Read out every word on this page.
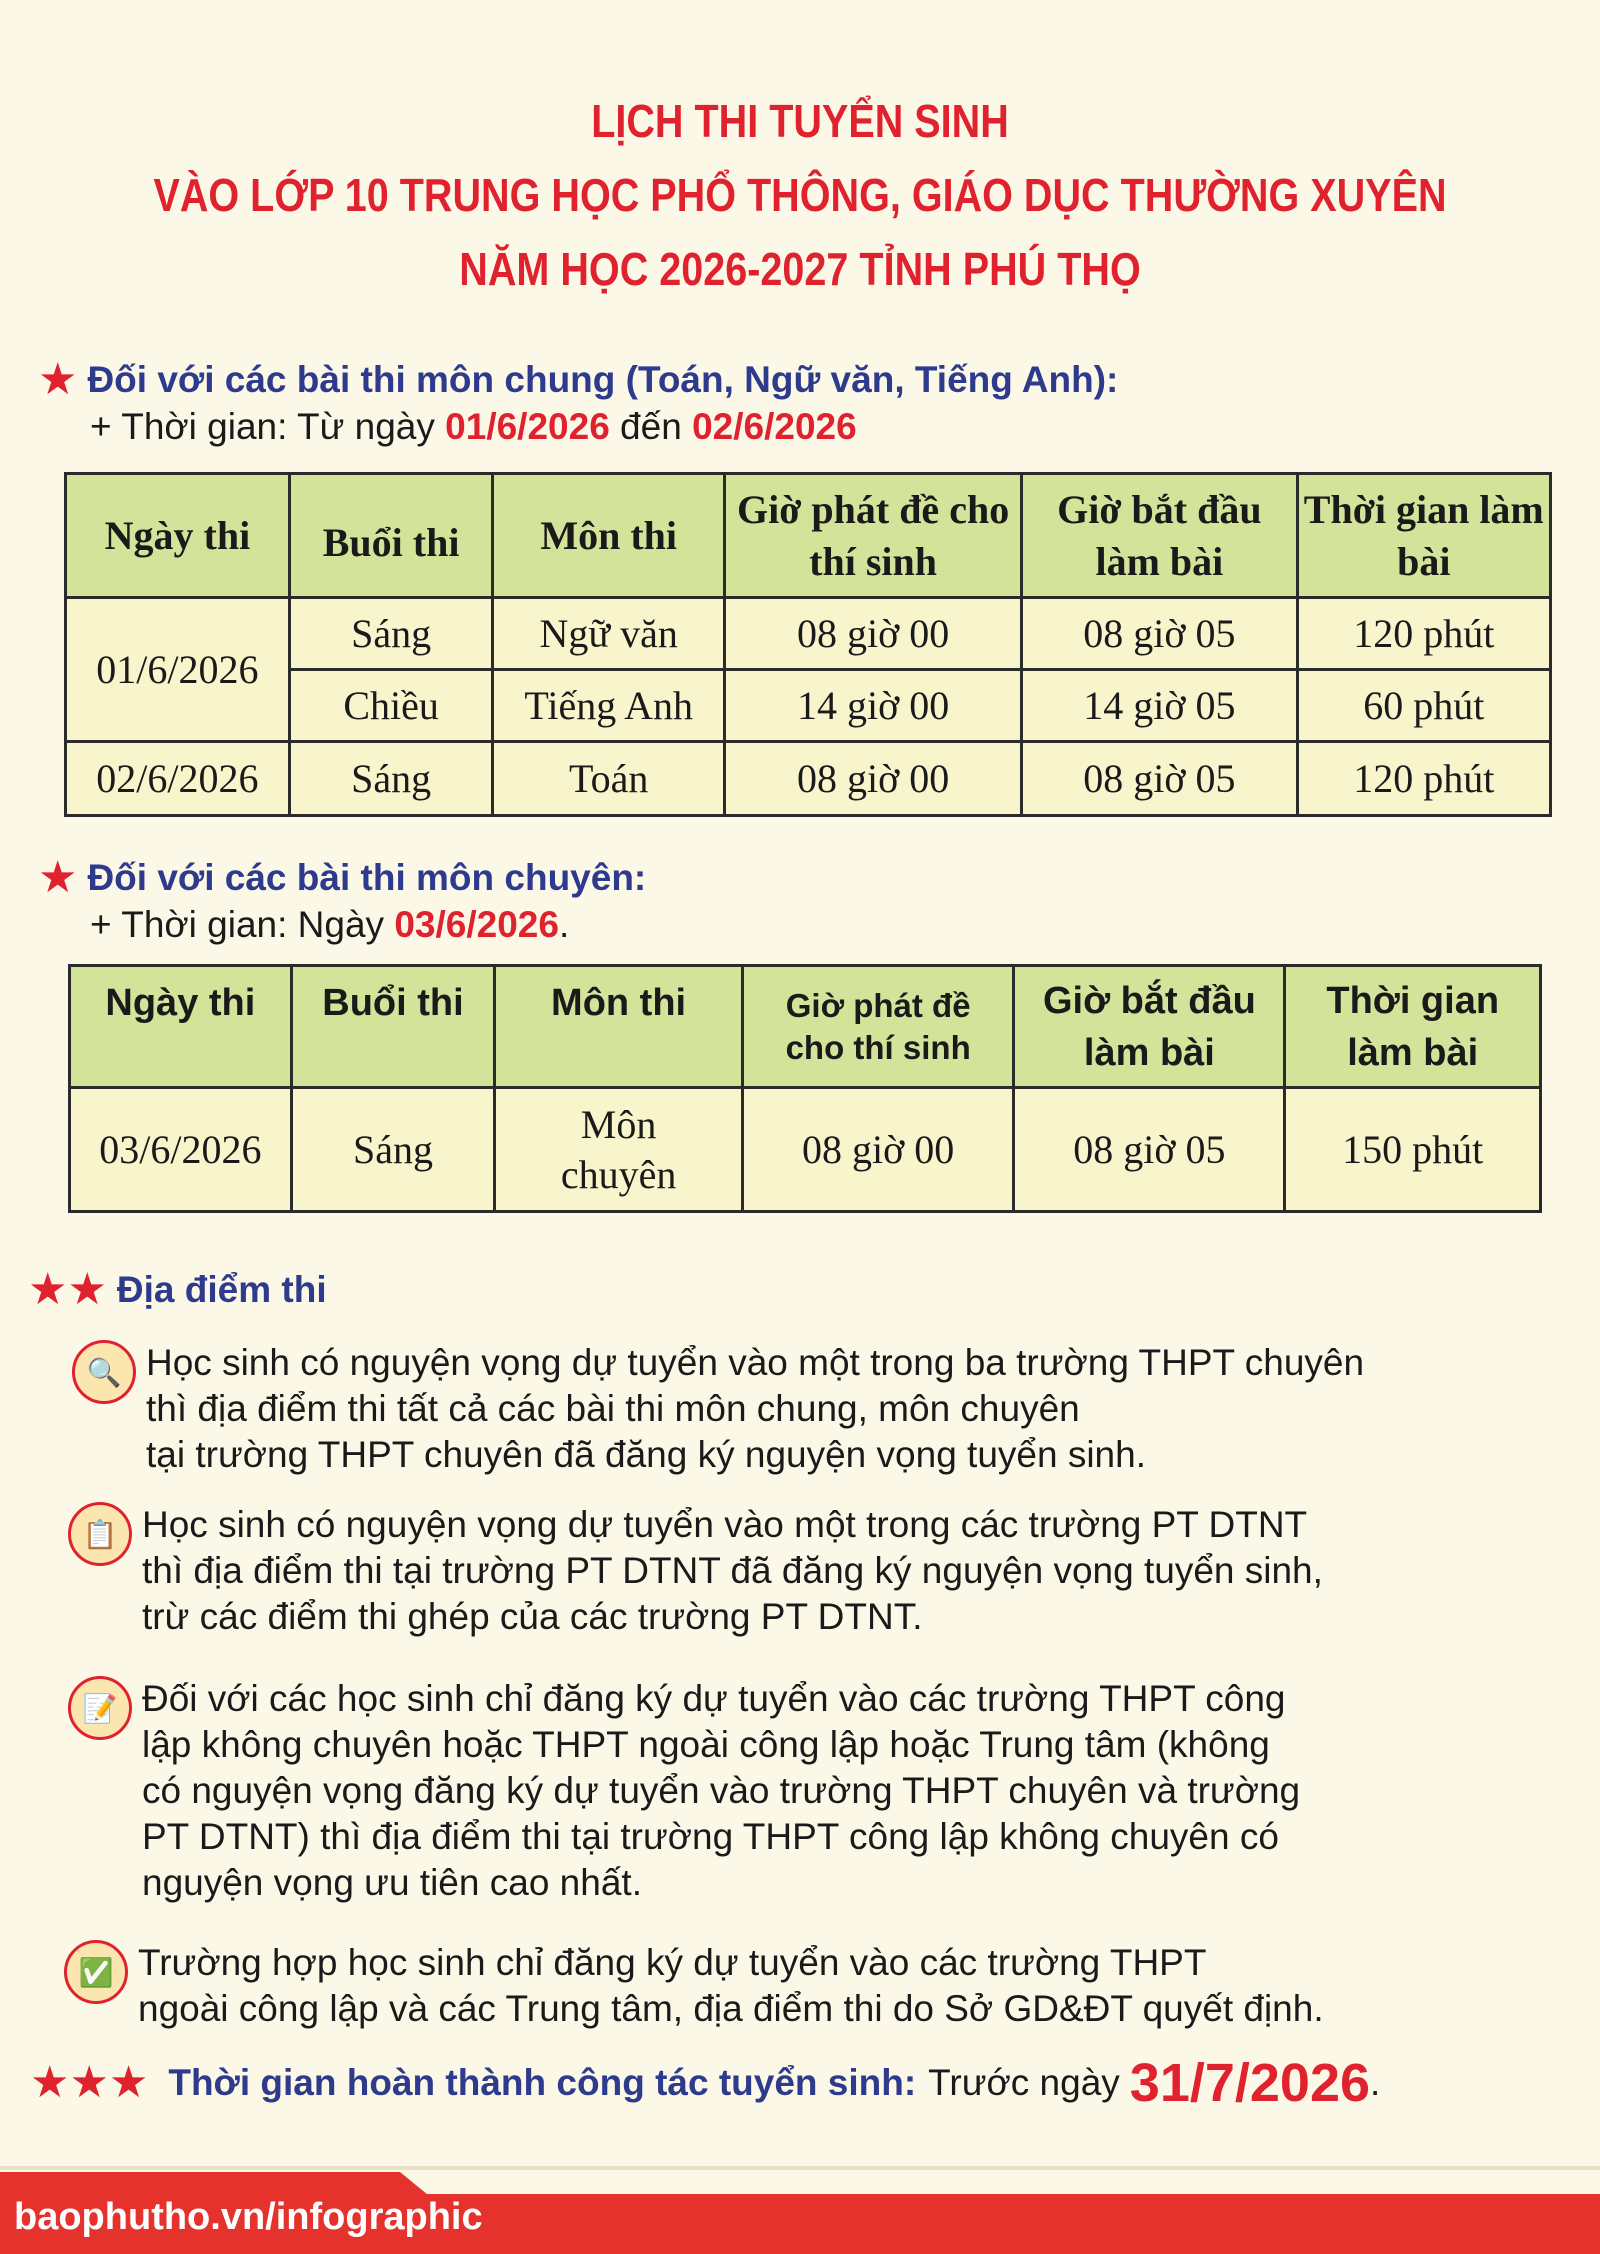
LỊCH THI TUYỂN SINH
VÀO LỚP 10 TRUNG HỌC PHỔ THÔNG, GIÁO DỤC THƯỜNG XUYÊN
NĂM HỌC 2026-2027 TỈNH PHÚ THỌ
★ Đối với các bài thi môn chung (Toán, Ngữ văn, Tiếng Anh):
+ Thời gian: Từ ngày 01/6/2026 đến 02/6/2026
Ngày thi	Buổi thi	Môn thi	Giờ phát đề cho thí sinh	Giờ bắt đầu làm bài	Thời gian làm bài
01/6/2026	Sáng	Ngữ văn	08 giờ 00	08 giờ 05	120 phút
	Chiều	Tiếng Anh	14 giờ 00	14 giờ 05	60 phút
02/6/2026	Sáng	Toán	08 giờ 00	08 giờ 05	120 phút
★ Đối với các bài thi môn chuyên:
+ Thời gian: Ngày 03/6/2026.
Ngày thi	Buổi thi	Môn thi	Giờ phát đề cho thí sinh	Giờ bắt đầu làm bài	Thời gian làm bài
03/6/2026	Sáng	Môn chuyên	08 giờ 00	08 giờ 05	150 phút
★ ★ Địa điểm thi
🔍 Học sinh có nguyện vọng dự tuyển vào một trong ba trường THPT chuyên
thì địa điểm thi tất cả các bài thi môn chung, môn chuyên
tại trường THPT chuyên đã đăng ký nguyện vọng tuyển sinh.
📋 Học sinh có nguyện vọng dự tuyển vào một trong các trường PT DTNT
thì địa điểm thi tại trường PT DTNT đã đăng ký nguyện vọng tuyển sinh,
trừ các điểm thi ghép của các trường PT DTNT.
📝 Đối với các học sinh chỉ đăng ký dự tuyển vào các trường THPT công
lập không chuyên hoặc THPT ngoài công lập hoặc Trung tâm (không
có nguyện vọng đăng ký dự tuyển vào trường THPT chuyên và trường
PT DTNT) thì địa điểm thi tại trường THPT công lập không chuyên có
nguyện vọng ưu tiên cao nhất.
✅ Trường hợp học sinh chỉ đăng ký dự tuyển vào các trường THPT
ngoài công lập và các Trung tâm, địa điểm thi do Sở GD&ĐT quyết định.
★ ★ ★ Thời gian hoàn thành công tác tuyển sinh: Trước ngày 31/7/2026 .
baophutho.vn/infographic
